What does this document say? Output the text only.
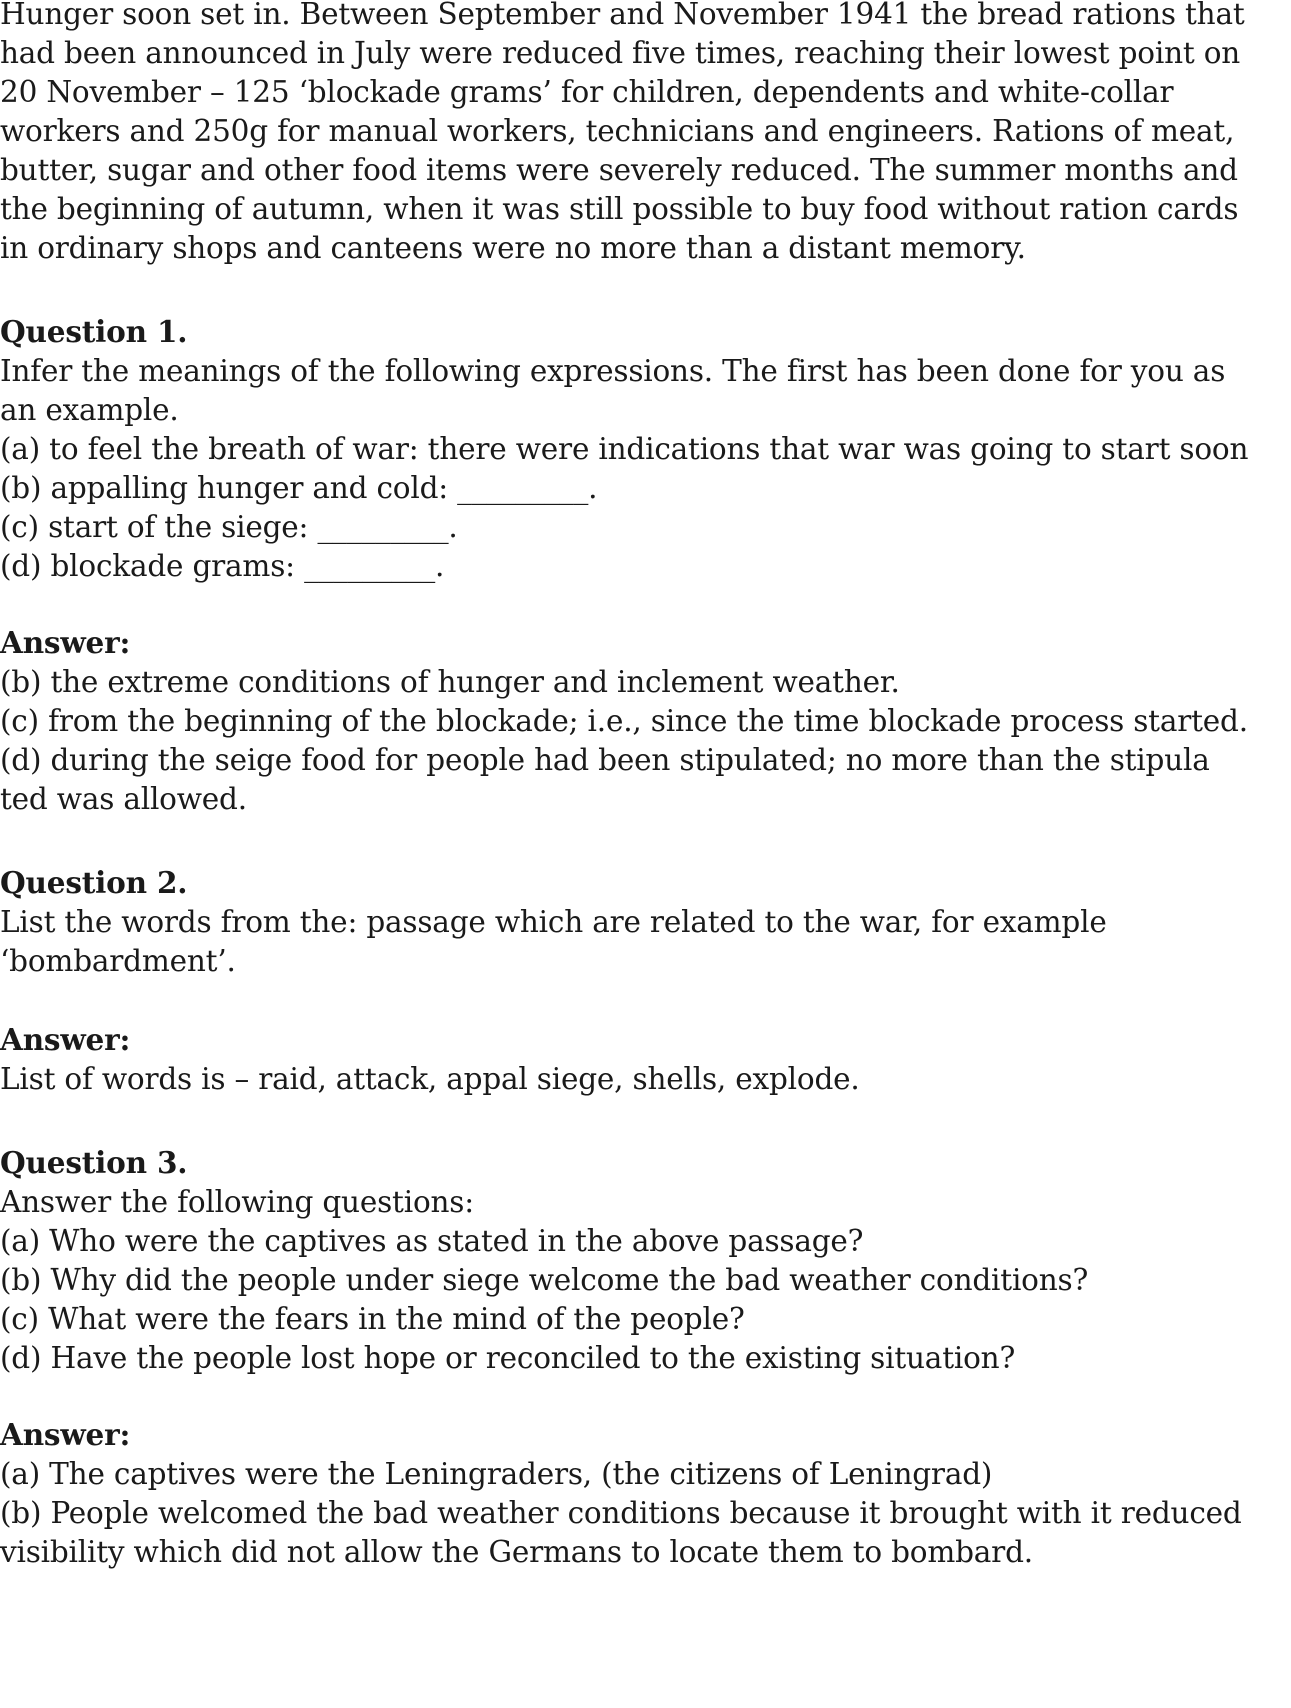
Hunger soon set in. Between September and November 1941 the bread rations that
had been announced in July were reduced five times, reaching their lowest point on
20 November – 125 ‘blockade grams’ for children, dependents and white-collar
workers and 250g for manual workers, technicians and engineers. Rations of meat,
butter, sugar and other food items were severely reduced. The summer months and
the beginning of autumn, when it was still possible to buy food without ration cards
in ordinary shops and canteens were no more than a distant memory.
Question 1.
Infer the meanings of the following expressions. The first has been done for you as
an example.
(a) to feel the breath of war: there were indications that war was going to start soon
(b) appalling hunger and cold: _________.
(c) start of the siege: _________.
(d) blockade grams: _________.
Answer:
(b) the extreme conditions of hunger and inclement weather.
(c) from the beginning of the blockade; i.e., since the time blockade process started.
(d) during the seige food for people had been stipulated; no more than the stipula
ted was allowed.
Question 2.
List the words from the: passage which are related to the war, for example
‘bombardment’.
Answer:
List of words is – raid, attack, appal siege, shells, explode.
Question 3.
Answer the following questions:
(a) Who were the captives as stated in the above passage?
(b) Why did the people under siege welcome the bad weather conditions?
(c) What were the fears in the mind of the people?
(d) Have the people lost hope or reconciled to the existing situation?
Answer:
(a) The captives were the Leningraders, (the citizens of Leningrad)
(b) People welcomed the bad weather conditions because it brought with it reduced
visibility which did not allow the Germans to locate them to bombard.
